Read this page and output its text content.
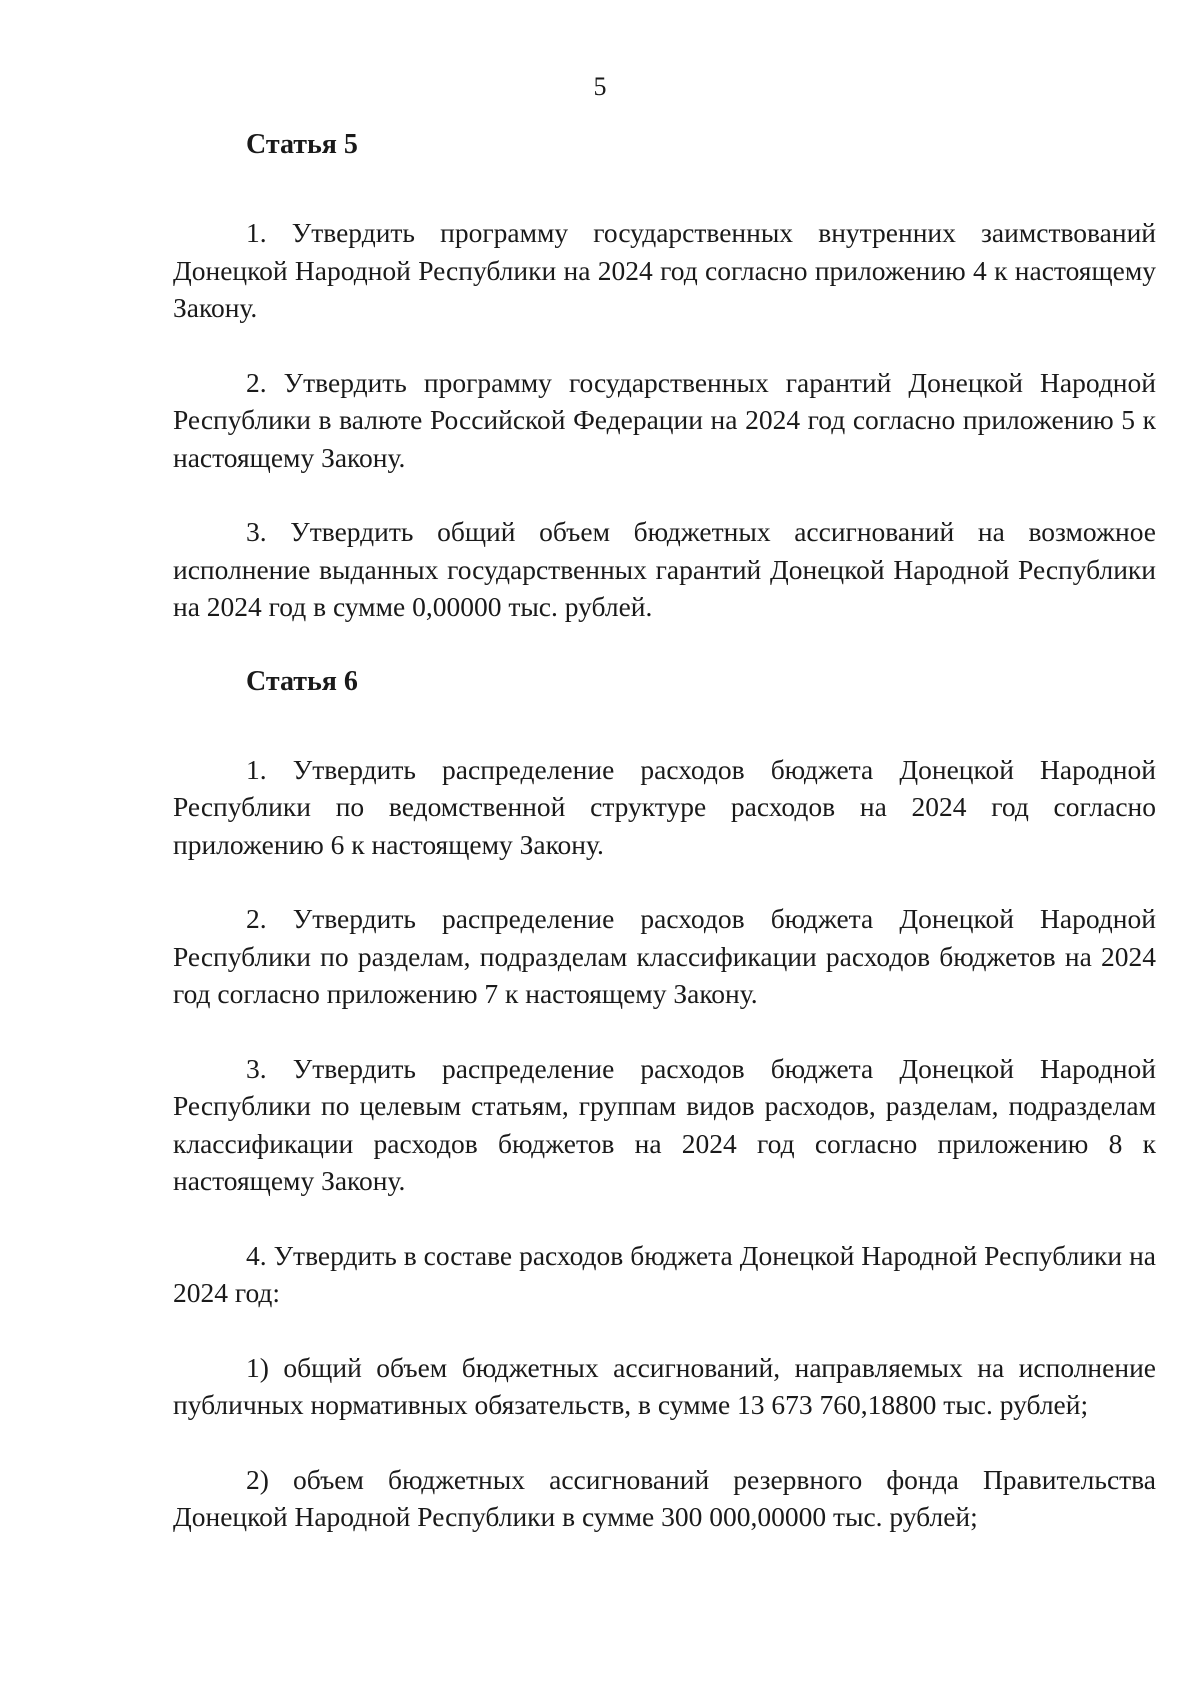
5
Статья 5

1. Утвердить программу государственных внутренних заимствований Донецкой Народной Республики на 2024 год согласно приложению 4 к настоящему Закону.

2. Утвердить программу государственных гарантий Донецкой Народной Республики в валюте Российской Федерации на 2024 год согласно приложению 5 к настоящему Закону.

3. Утвердить общий объем бюджетных ассигнований на возможное исполнение выданных государственных гарантий Донецкой Народной Республики на 2024 год в сумме 0,00000 тыс. рублей.

Статья 6

1. Утвердить распределение расходов бюджета Донецкой Народной Республики по ведомственной структуре расходов на 2024 год согласно приложению 6 к настоящему Закону.

2. Утвердить распределение расходов бюджета Донецкой Народной Республики по разделам, подразделам классификации расходов бюджетов на 2024 год согласно приложению 7 к настоящему Закону.

3. Утвердить распределение расходов бюджета Донецкой Народной Республики по целевым статьям, группам видов расходов, разделам, подразделам классификации расходов бюджетов на 2024 год согласно приложению 8 к настоящему Закону.

4. Утвердить в составе расходов бюджета Донецкой Народной Республики на 2024 год:

1) общий объем бюджетных ассигнований, направляемых на исполнение публичных нормативных обязательств, в сумме 13 673 760,18800 тыс. рублей;

2) объем бюджетных ассигнований резервного фонда Правительства Донецкой Народной Республики в сумме 300 000,00000 тыс. рублей;
